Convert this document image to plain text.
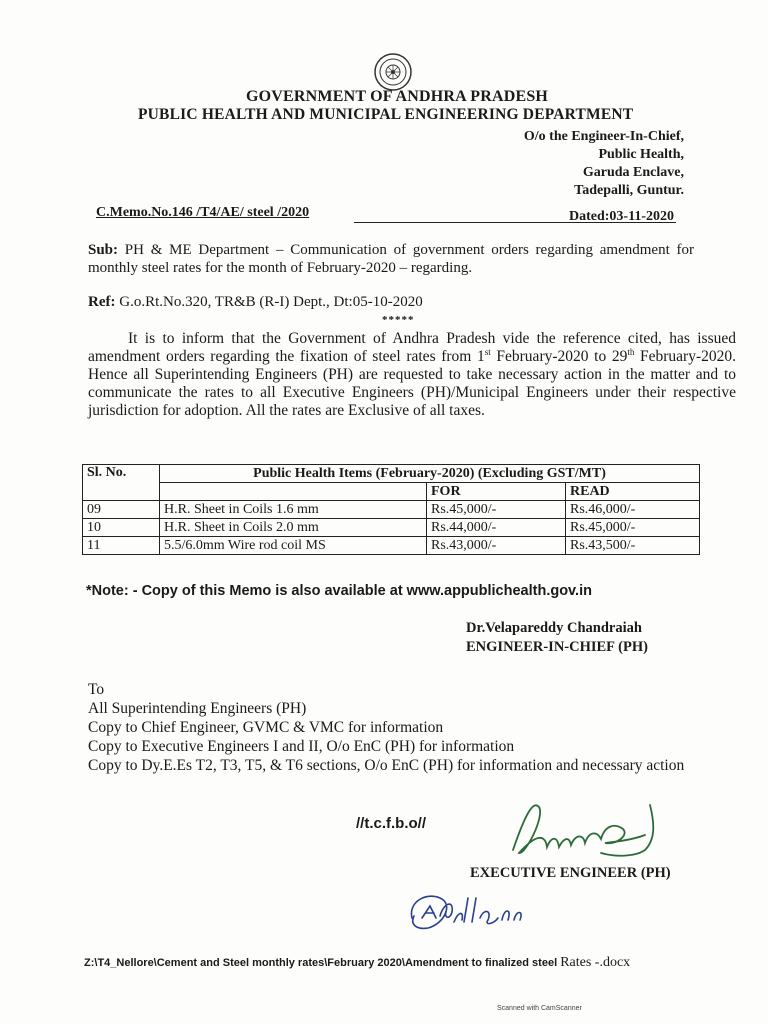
GOVERNMENT OF ANDHRA PRADESH
PUBLIC HEALTH AND MUNICIPAL ENGINEERING DEPARTMENT
O/o the Engineer-In-Chief,
Public Health,
Garuda Enclave,
Tadepalli, Guntur.
C.Memo.No.146 /T4/AE/ steel /2020	Dated:03-11-2020
Sub: PH & ME Department – Communication of government orders regarding amendment for monthly steel rates for the month of February-2020 – regarding.
Ref: G.o.Rt.No.320, TR&B (R-I) Dept., Dt:05-10-2020
*****
It is to inform that the Government of Andhra Pradesh vide the reference cited, has issued amendment orders regarding the fixation of steel rates from 1st February-2020 to 29th February-2020. Hence all Superintending Engineers (PH) are requested to take necessary action in the matter and to communicate the rates to all Executive Engineers (PH)/Municipal Engineers under their respective jurisdiction for adoption. All the rates are Exclusive of all taxes.
Sl. No.	Public Health Items (February-2020) (Excluding GST/MT)		
		FOR	READ
09	H.R. Sheet in Coils 1.6 mm	Rs.45,000/-	Rs.46,000/-
10	H.R. Sheet in Coils 2.0 mm	Rs.44,000/-	Rs.45,000/-
11	5.5/6.0mm Wire rod coil MS	Rs.43,000/-	Rs.43,500/-
*Note: - Copy of this Memo is also available at www.appublichealth.gov.in
Dr.Velapareddy Chandraiah
ENGINEER-IN-CHIEF (PH)
To
All Superintending Engineers (PH)
Copy to Chief Engineer, GVMC & VMC for information
Copy to Executive Engineers I and II, O/o EnC (PH) for information
Copy to Dy.E.Es T2, T3, T5, & T6 sections, O/o EnC (PH) for information and necessary action
//t.c.f.b.o//
EXECUTIVE ENGINEER (PH)
Z:\T4_Nellore\Cement and Steel monthly rates\February 2020\Amendment to finalized steel Rates -.docx
Scanned with CamScanner
